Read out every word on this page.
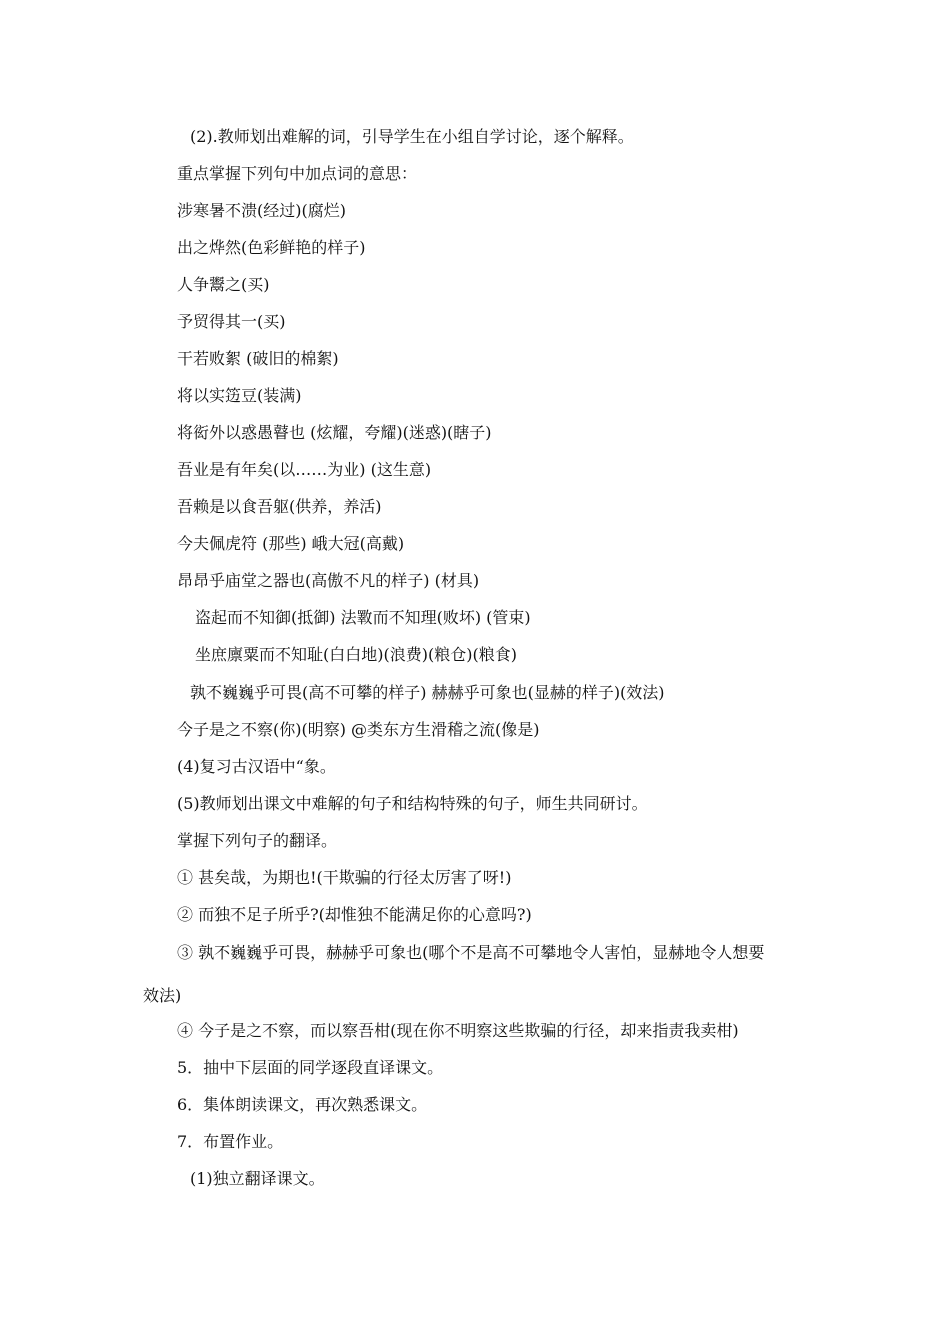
(2).教师划出难解的词，引导学生在小组自学讨论，逐个解释。
重点掌握下列句中加点词的意思：
涉寒暑不溃(经过)(腐烂)
出之烨然(色彩鲜艳的样子)
人争鬻之(买)
予贸得其一(买)
干若败絮 (破旧的棉絮)
将以实笾豆(装满)
将衒外以惑愚瞽也 (炫耀，夸耀)(迷惑)(瞎子)
吾业是有年矣(以……为业) (这生意)
吾赖是以食吾躯(供养，养活)
今夫佩虎符 (那些) 峨大冠(高戴)
昂昂乎庙堂之器也(高傲不凡的样子) (材具)
盗起而不知御(抵御) 法斁而不知理(败坏) (管束)
坐庶廪粟而不知耻(白白地)(浪费)(粮仓)(粮食)
孰不巍巍乎可畏(高不可攀的样子) 赫赫乎可象也(显赫的样子)(效法)
今子是之不察(你)(明察) @类东方生滑稽之流(像是)
(4)复习古汉语中“象。
(5)教师划出课文中难解的句子和结构特殊的句子，师生共同研讨。
掌握下列句子的翻译。
① 甚矣哉，为期也!(干欺骗的行径太厉害了呀!)
② 而独不足子所乎?(却惟独不能满足你的心意吗?)
③ 孰不巍巍乎可畏，赫赫乎可象也(哪个不是高不可攀地令人害怕，显赫地令人想要
效法)
④ 今子是之不察，而以察吾柑(现在你不明察这些欺骗的行径，却来指责我卖柑)
5．抽中下层面的同学逐段直译课文。
6．集体朗读课文，再次熟悉课文。
7．布置作业。
(1)独立翻译课文。
